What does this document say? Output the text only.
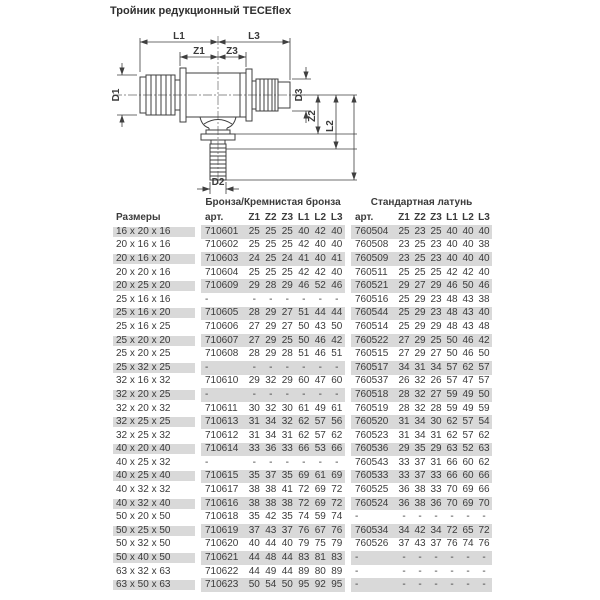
Тройник редукционный TECEflex
L1	L3
Z1 Z3
D1	D3
Z2
L2
D2
Бронза/Кремнистая бронза	Стандартная латунь
Размеры	арт.	Z1 Z2 Z3 L1 L2 L3	арт.	Z1 Z2 Z3 L1 L2 L3
16 x 20 x 16	710601	25 25 25 40 42 40	760504	25 23 25 40 40 40
20 x 16 x 16	710602	25 25 25 42 40 40	760508	23 25 23 40 40 38
20 x 16 x 20	710603	24 25 24 41 40 41	760509	23 25 23 40 40 40
20 x 20 x 16	710604	25 25 25 42 42 40	760511	25 25 25 42 42 40
20 x 25 x 20	710609	29 28 29 46 52 46	760521	29 27 29 46 50 46
25 x 16 x 16	-	-	-	-	-	-	-	760516	25 29 23 48 43 38
25 x 16 x 20	710605	28 29 27 51 44 44	760544	25 29 23 48 43 40
25 x 16 x 25	710606	27 29 27 50 43 50	760514	25 29 29 48 43 48
25 x 20 x 20	710607	27 29 25 50 46 42	760522	27 29 25 50 46 42
25 x 20 x 25	710608	28 29 28 51 46 51	760515	27 29 27 50 46 50
25 x 32 x 25	-	-	-	-	-	-	-	760517	34 31 34 57 62 57
32 x 16 x 32	710610	29 32 29 60 47 60	760537	26 32 26 57 47 57
32 x 20 x 25	-	-	-	-	-	-	-	760518	28 32 27 59 49 50
32 x 20 x 32	710611	30 32 30 61 49 61	760519	28 32 28 59 49 59
32 x 25 x 25	710613	31 34 32 62 57 56	760520	31 34 30 62 57 54
32 x 25 x 32	710612	31 34 31 62 57 62	760523	31 34 31 62 57 62
40 x 20 x 40	710614	33 36 33 66 53 66	760536	29 35 29 63 52 63
40 x 25 x 32	-	-	-	-	-	-	-	760543	33 37 31 66 60 62
40 x 25 x 40	710615	35 37 35 69 61 69	760533	33 37 33 66 60 66
40 x 32 x 32	710617	38 38 41 72 69 72	760525	36 38 33 70 69 66
40 x 32 x 40	710616	38 38 38 72 69 72	760524	36 38 36 70 69 70
50 x 20 x 50	710618	35 42 35 74 59 74	-	-	-	-	-	-	-
50 x 25 x 50	710619	37 43 37 76 67 76	760534	34 42 34 72 65 72
50 x 32 x 50	710620	40 44 40 79 75 79	760526	37 43 37 76 74 76
50 x 40 x 50	710621	44 48 44 83 81 83	-	-	-	-	-	-	-
63 x 32 x 63	710622	44 49 44 89 80 89	-	-	-	-	-	-	-
63 x 50 x 63	710623	50 54 50 95 92 95	-	-	-	-	-	-	-
